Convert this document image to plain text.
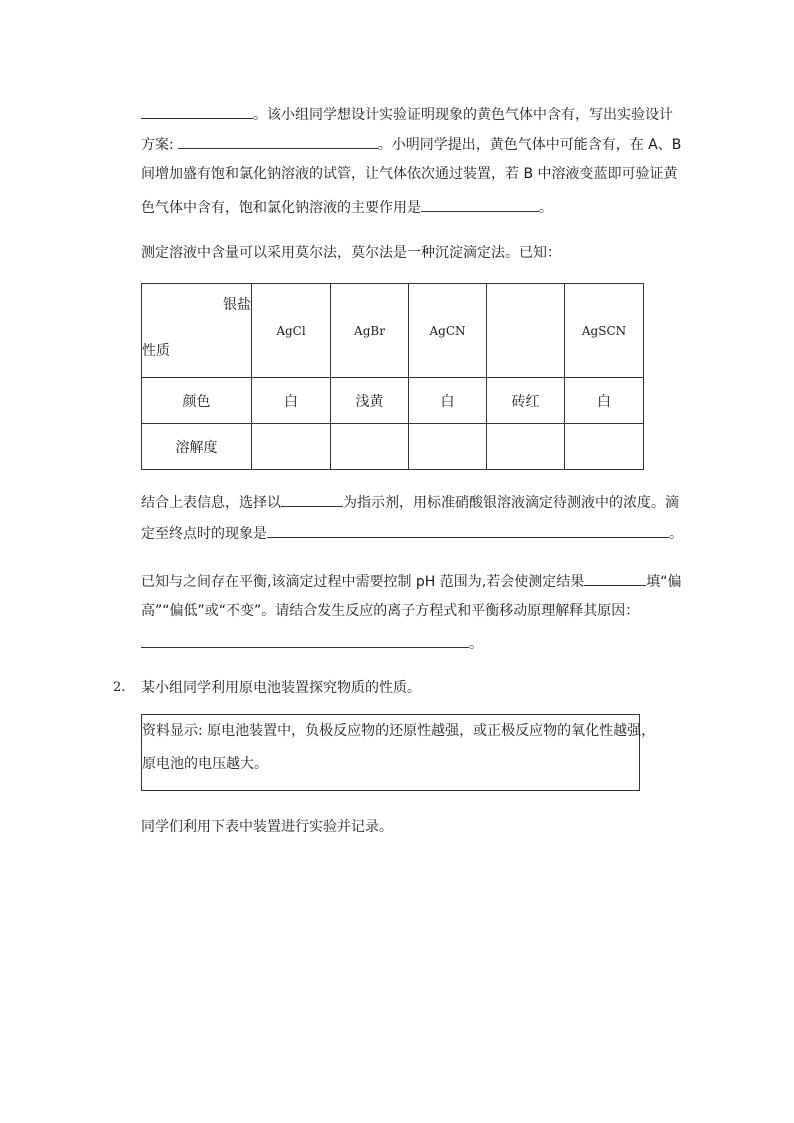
。该小组同学想设计实验证明现象的黄色气体中含有，写出实验设计
方案:	。小明同学提出，黄色气体中可能含有，在 A、B
间增加盛有饱和氯化钠溶液的试管，让气体依次通过装置，若 B 中溶液变蓝即可验证黄
色气体中含有，饱和氯化钠溶液的主要作用是	。
测定溶液中含量可以采用莫尔法，莫尔法是一种沉淀滴定法。已知：
银盐
性质	AgCl	AgBr	AgCN		AgSCN
颜色	白	浅黄	白	砖红	白
溶解度					
结合上表信息，选择以	为指示剂，用标准硝酸银溶液滴定待测液中的浓度。滴
定至终点时的现象是	。
已知与之间存在平衡,该滴定过程中需要控制 pH 范围为,若会使测定结果	填“偏
高”“偏低”或“不变”。请结合发生反应的离子方程式和平衡移动原理解释其原因：
。
2. 某小组同学利用原电池装置探究物质的性质。
资料显示: 原电池装置中，负极反应物的还原性越强，或正极反应物的氧化性越强，
原电池的电压越大。
同学们利用下表中装置进行实验并记录。
